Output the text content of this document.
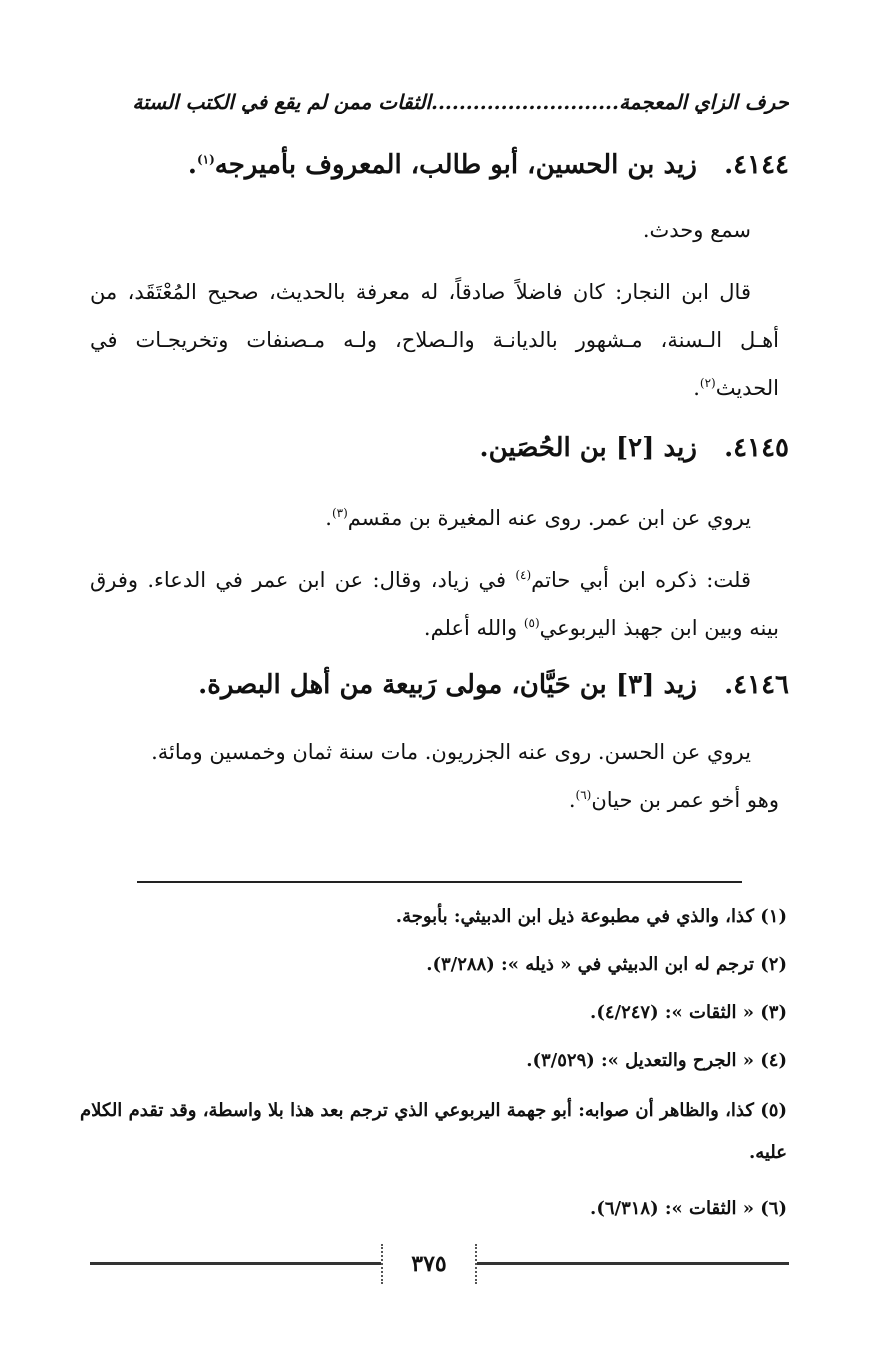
حرف الزاي المعجمة...........................الثقات ممن لم يقع في الكتب الستة
٤١٤٤.   زيد بن الحسين، أبو طالب، المعروف بأميرجه$^{(١)}$.
سمع وحدث.
قال ابن النجار: كان فاضلاً صادقاً، له معرفة بالحديث، صحيح المُعْتَقَد، من أهـل الـسنة، مـشهور بالديانـة والـصلاح، ولـه مـصنفات وتخريجـات في الحديث$^{(٢)}$.
٤١٤٥.   زيد [٢] بن الحُصَين.
يروي عن ابن عمر. روى عنه المغيرة بن مقسم$^{(٣)}$.
قلت: ذكره ابن أبي حاتم$^{(٤)}$ في زياد، وقال: عن ابن عمر في الدعاء. وفرق بينه وبين ابن جهبذ اليربوعي$^{(٥)}$ والله أعلم.
٤١٤٦.   زيد [٣] بن حَيَّان، مولى رَبيعة من أهل البصرة.
يروي عن الحسن. روى عنه الجزريون. مات سنة ثمان وخمسين ومائة.
وهو أخو عمر بن حيان$^{(٦)}$.
(١) كذا، والذي في مطبوعة ذيل ابن الدبيثي: بأبوجة.
(٢) ترجم له ابن الدبيثي في « ذيله »: (٣/٢٨٨).
(٣) « الثقات »: (٤/٢٤٧).
(٤) « الجرح والتعديل »: (٣/٥٢٩).
(٥) كذا، والظاهر أن صوابه: أبو جهمة اليربوعي الذي ترجم بعد هذا بلا واسطة، وقد تقدم الكلام عليه.
(٦) « الثقات »: (٦/٣١٨).
٣٧٥
